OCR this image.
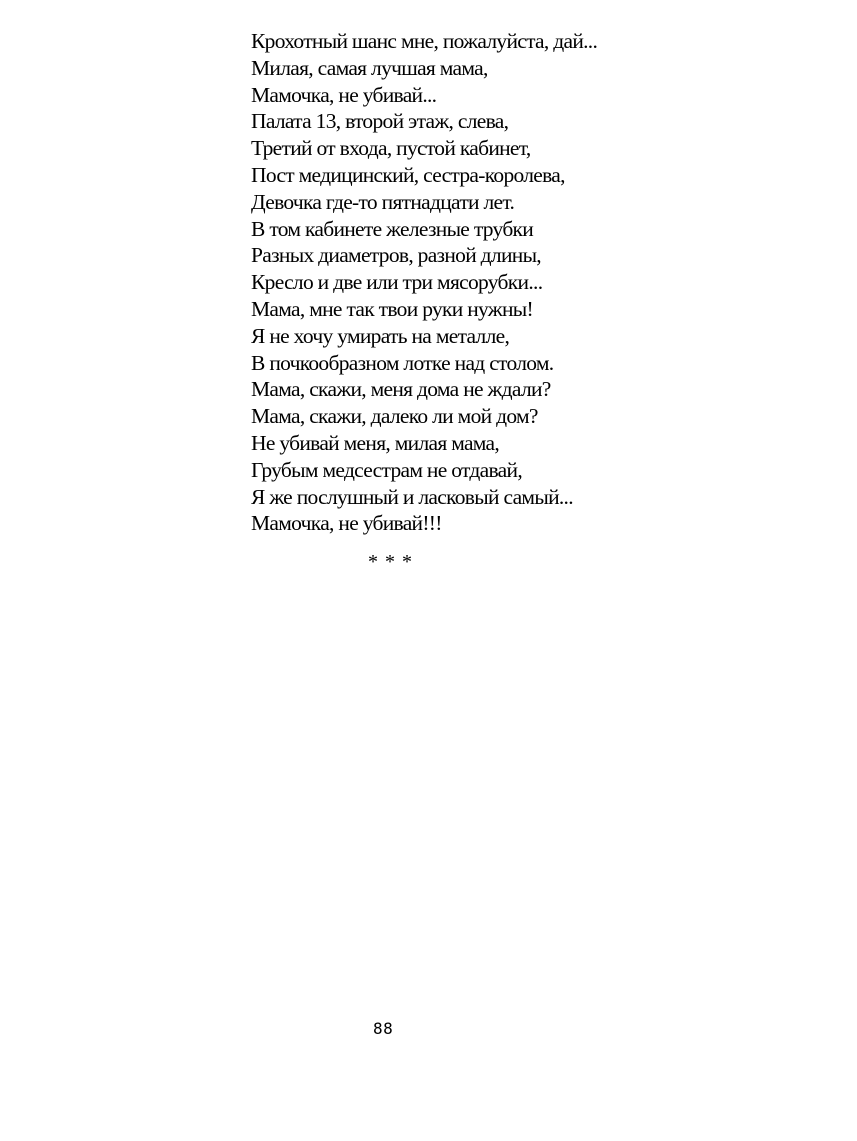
Крохотный шанс мне, пожалуйста, дай...
Милая, самая лучшая мама,
Мамочка, не убивай...
Палата 13, второй этаж, слева,
Третий от входа, пустой кабинет,
Пост медицинский, сестра-королева,
Девочка где-то пятнадцати лет.
В том кабинете железные трубки
Разных диаметров, разной длины,
Кресло и две или три мясорубки...
Мама, мне так твои руки нужны!
Я не хочу умирать на металле,
В почкообразном лотке над столом.
Мама, скажи, меня дома не ждали?
Мама, скажи, далеко ли мой дом?
Не убивай меня, милая мама,
Грубым медсестрам не отдавай,
Я же послушный и ласковый самый...
Мамочка, не убивай!!!
* * *
88
